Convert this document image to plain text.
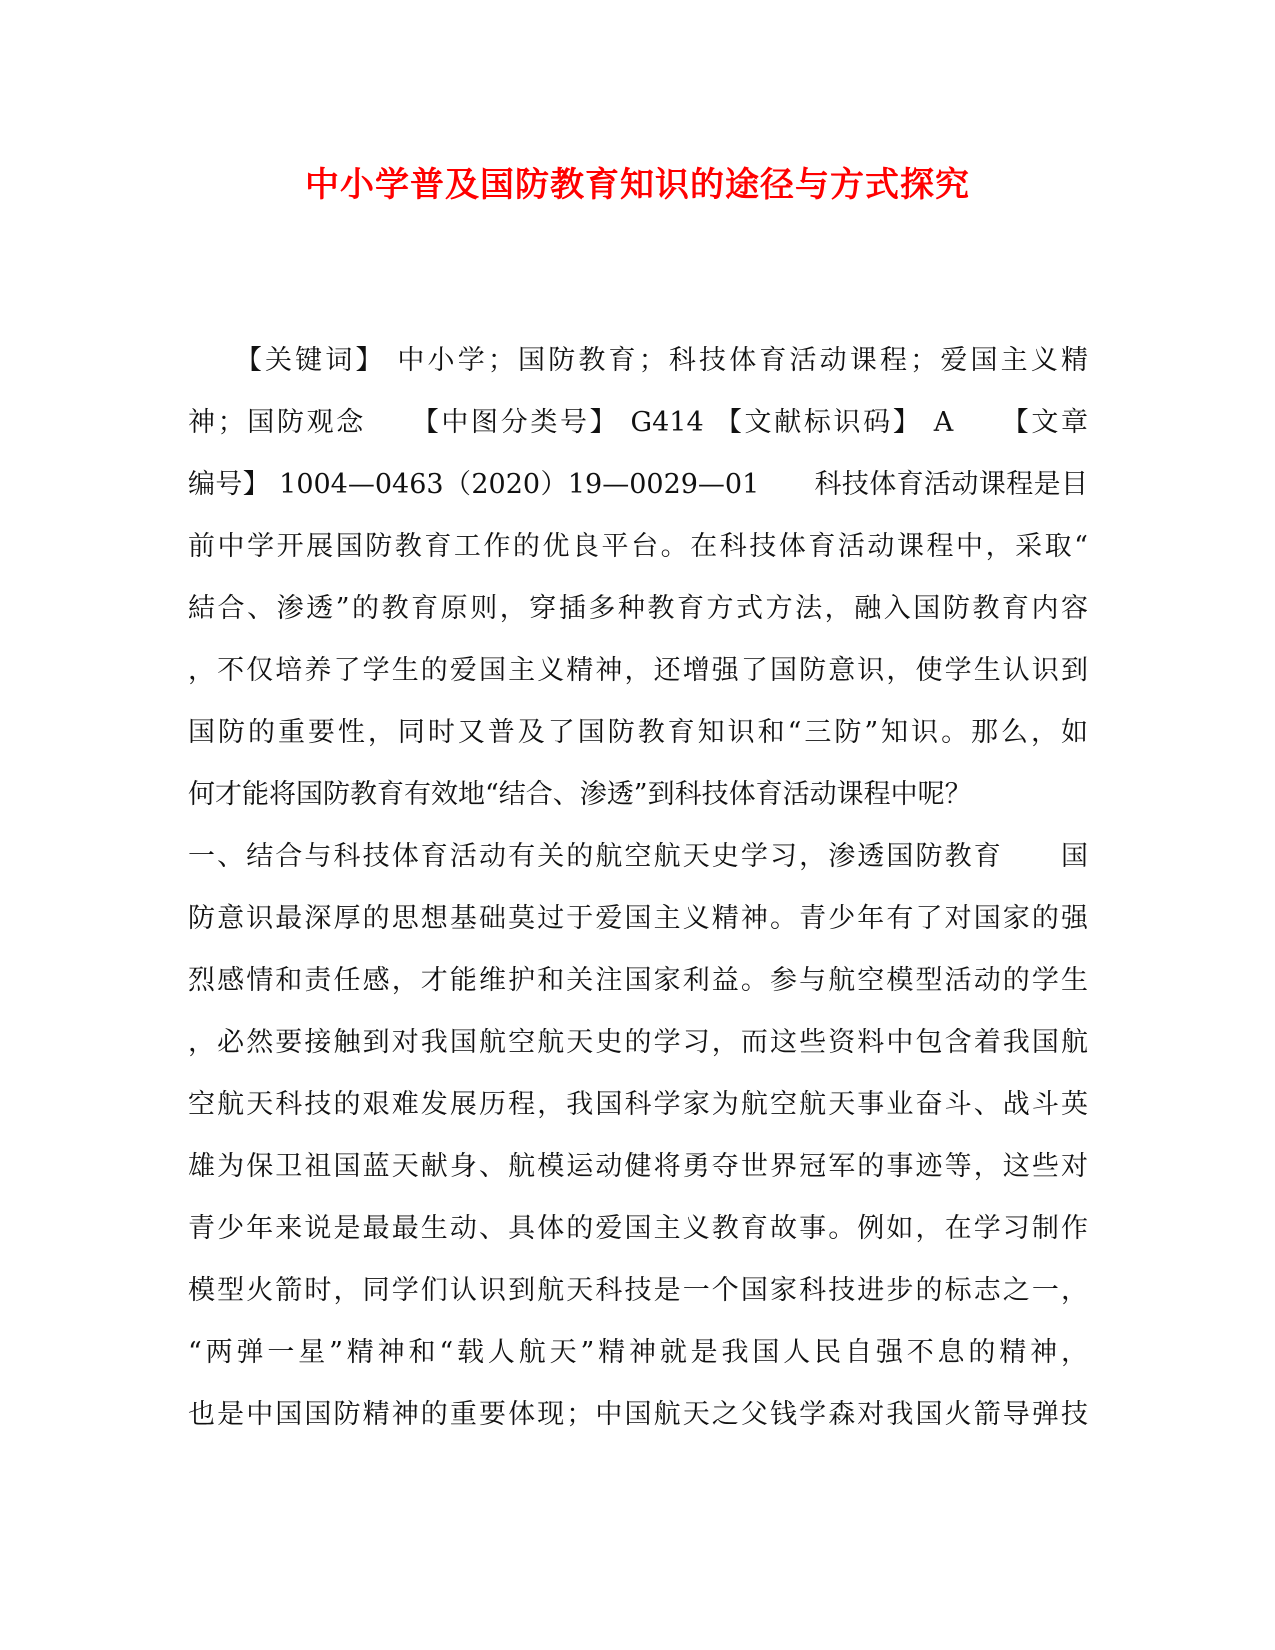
中小学普及国防教育知识的途径与方式探究
　　【关键词】 中小学；国防教育；科技体育活动课程；爱国主义精
神；国防观念　　【中图分类号】 G414 【文献标识码】 A　　【文章
编号】 1004—0463（2020）19—0029—01　　科技体育活动课程是目
前中学开展国防教育工作的优良平台。在科技体育活动课程中，采取“
結合、渗透”的教育原则，穿插多种教育方式方法，融入国防教育内容
，不仅培养了学生的爱国主义精神，还增强了国防意识，使学生认识到
国防的重要性，同时又普及了国防教育知识和“三防”知识。那么，如
何才能将国防教育有效地“结合、渗透”到科技体育活动课程中呢？
一、结合与科技体育活动有关的航空航天史学习，渗透国防教育　　国
防意识最深厚的思想基础莫过于爱国主义精神。青少年有了对国家的强
烈感情和责任感，才能维护和关注国家利益。参与航空模型活动的学生
，必然要接触到对我国航空航天史的学习，而这些资料中包含着我国航
空航天科技的艰难发展历程，我国科学家为航空航天事业奋斗、战斗英
雄为保卫祖国蓝天献身、航模运动健将勇夺世界冠军的事迹等，这些对
青少年来说是最最生动、具体的爱国主义教育故事。例如，在学习制作
模型火箭时，同学们认识到航天科技是一个国家科技进步的标志之一，
“两弹一星”精神和“载人航天”精神就是我国人民自强不息的精神，
也是中国国防精神的重要体现；中国航天之父钱学森对我国火箭导弹技
